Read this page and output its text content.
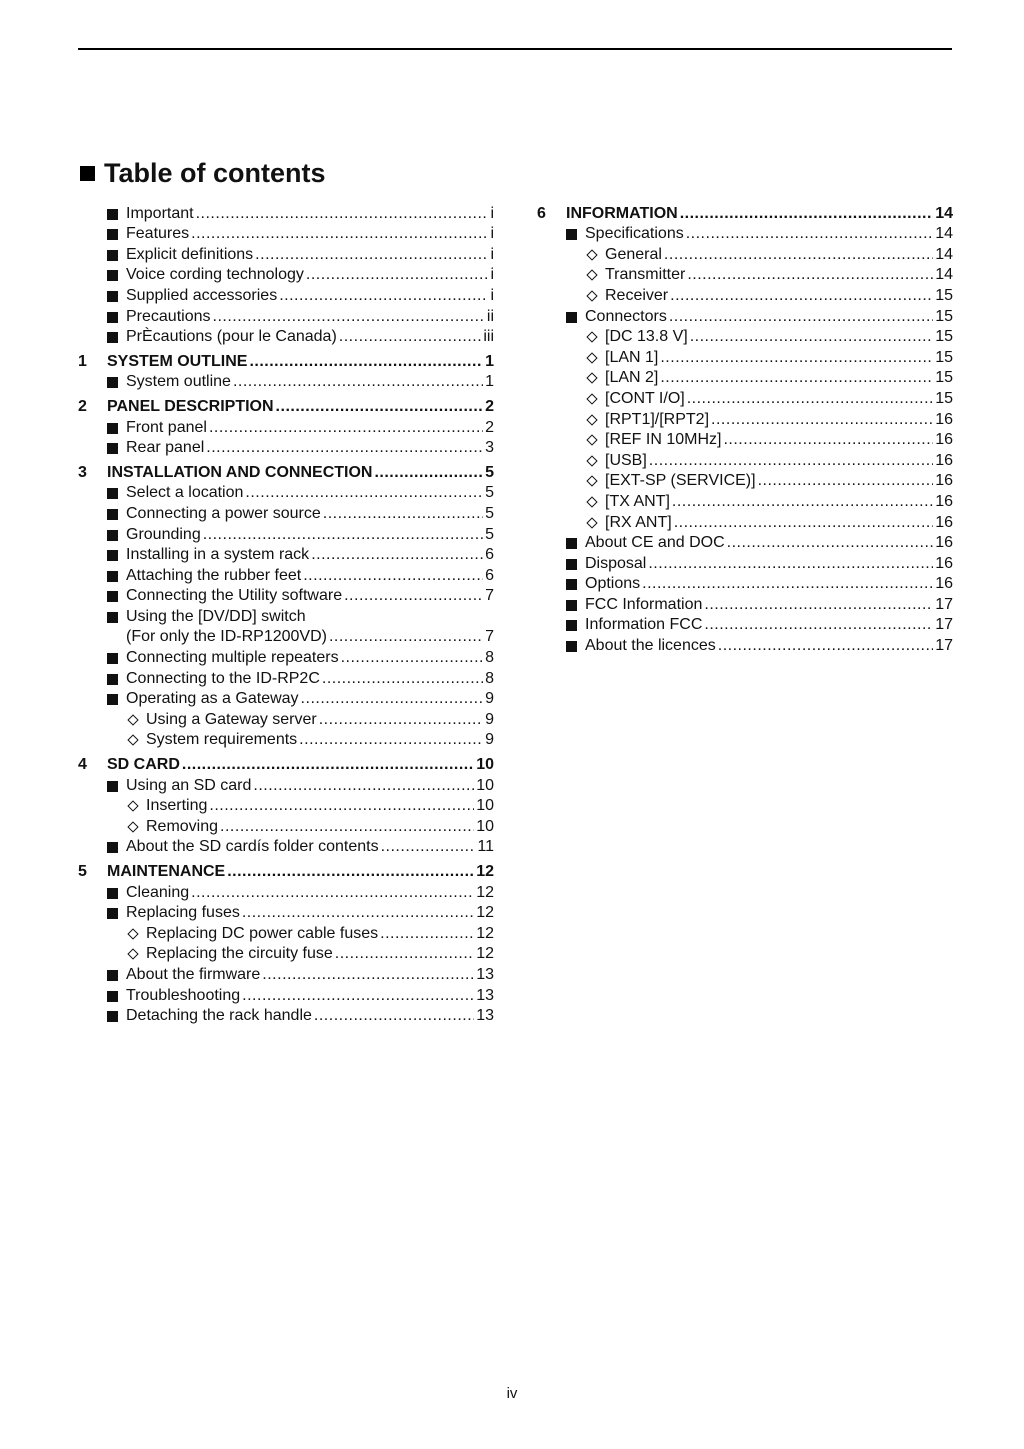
Table of contents
Important .....	i
Features .....	i
Explicit definitions .....	i
Voice cording technology .....	i
Supplied accessories .....	i
Precautions .....	ii
PrÈcautions (pour le Canada) .....	iii
1	SYSTEM OUTLINE .....	1
System outline .....	1
2	PANEL DESCRIPTION .....	2
Front panel .....	2
Rear panel .....	3
3	INSTALLATION AND CONNECTION .....	5
Select a location .....	5
Connecting a power source .....	5
Grounding .....	5
Installing in a system rack .....	6
Attaching the rubber feet .....	6
Connecting the Utility software .....	7
Using the [DV/DD] switch
(For only the ID-RP1200VD) .....	7
Connecting multiple repeaters .....	8
Connecting to the ID-RP2C .....	8
Operating as a Gateway .....	9
Using a Gateway server .....	9
System requirements .....	9
4	SD CARD .....	10
Using an SD card .....	10
Inserting .....	10
Removing .....	10
About the SD cardís folder contents .....	11
5	MAINTENANCE .....	12
Cleaning .....	12
Replacing fuses .....	12
Replacing DC power cable fuses .....	12
Replacing the circuity fuse .....	12
About the firmware .....	13
Troubleshooting .....	13
Detaching the rack handle .....	13
6	INFORMATION .....	14
Specifications .....	14
General .....	14
Transmitter .....	14
Receiver .....	15
Connectors .....	15
[DC 13.8 V] .....	15
[LAN 1] .....	15
[LAN 2] .....	15
[CONT I/O] .....	15
[RPT1]/[RPT2] .....	16
[REF IN 10MHz] .....	16
[USB] .....	16
[EXT-SP (SERVICE)] .....	16
[TX ANT] .....	16
[RX ANT] .....	16
About CE and DOC .....	16
Disposal .....	16
Options .....	16
FCC Information .....	17
Information FCC .....	17
About the licences .....	17
iv
